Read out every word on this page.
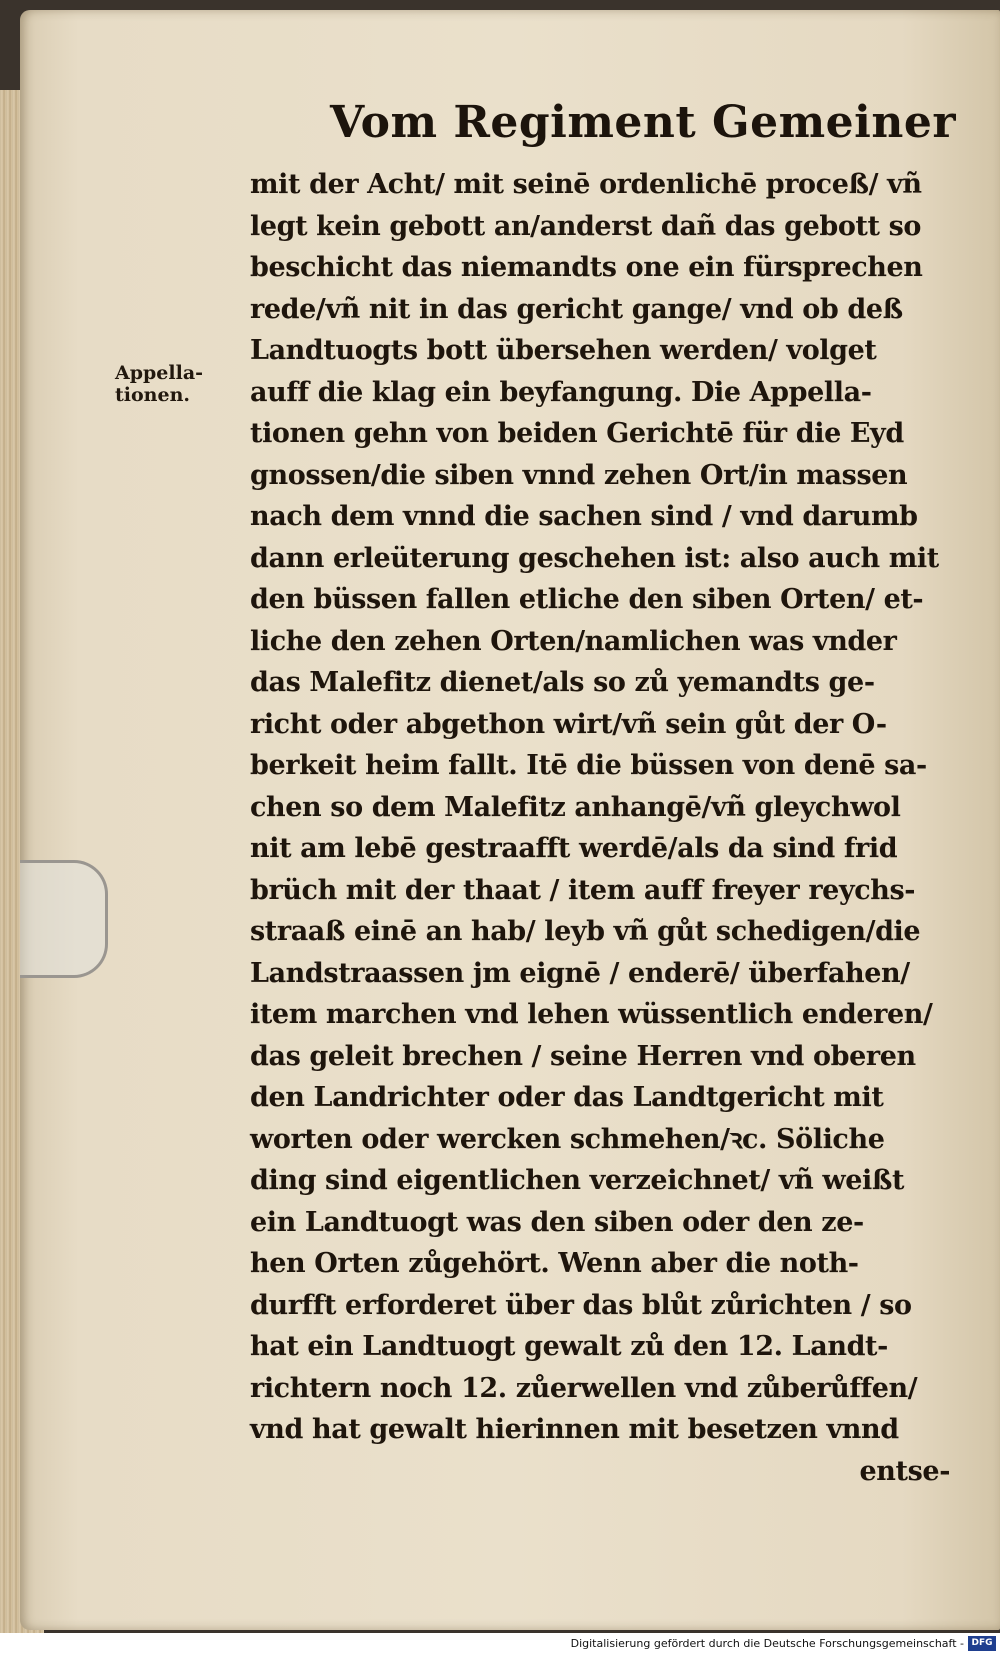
Vom Regiment Gemeiner
Appella-
tionen.
mit der Acht/ mit seinē ordenlichē proceß/ vñ
legt kein gebott an/anderst dañ das gebott so
beschicht das niemandts one ein fürsprechen
rede/vñ nit in das gericht gange/ vnd ob deß
Landtuogts bott übersehen werden/ volget
auff die klag ein beyfangung. Die Appella-
tionen gehn von beiden Gerichtē für die Eyd
gnossen/die siben vnnd zehen Ort/in massen
nach dem vnnd die sachen sind / vnd darumb
dann erleüterung geschehen ist: also auch mit
den büssen fallen etliche den siben Orten/ et-
liche den zehen Orten/namlichen was vnder
das Malefitz dienet/als so zů yemandts ge-
richt oder abgethon wirt/vñ sein gůt der O-
berkeit heim fallt. Itē die büssen von denē sa-
chen so dem Malefitz anhangē/vñ gleychwol
nit am lebē gestraafft werdē/als da sind frid
brüch mit der thaat / item auff freyer reychs-
straaß einē an hab/ leyb vñ gůt schedigen/die
Landstraassen jm eignē / enderē/ überfahen/
item marchen vnd lehen wüssentlich enderen/
das geleit brechen / seine Herren vnd oberen
den Landrichter oder das Landtgericht mit
worten oder wercken schmehen/ꝛc. Söliche
ding sind eigentlichen verzeichnet/ vñ weißt
ein Landtuogt was den siben oder den ze-
hen Orten zůgehört. Wenn aber die noth-
durfft erforderet über das blůt zůrichten / so
hat ein Landtuogt gewalt zů den 12. Landt-
richtern noch 12. zůerwellen vnd zůberůffen/
vnd hat gewalt hierinnen mit besetzen vnnd
entse-
Digitalisierung gefördert durch die Deutsche Forschungsgemeinschaft - DFG
